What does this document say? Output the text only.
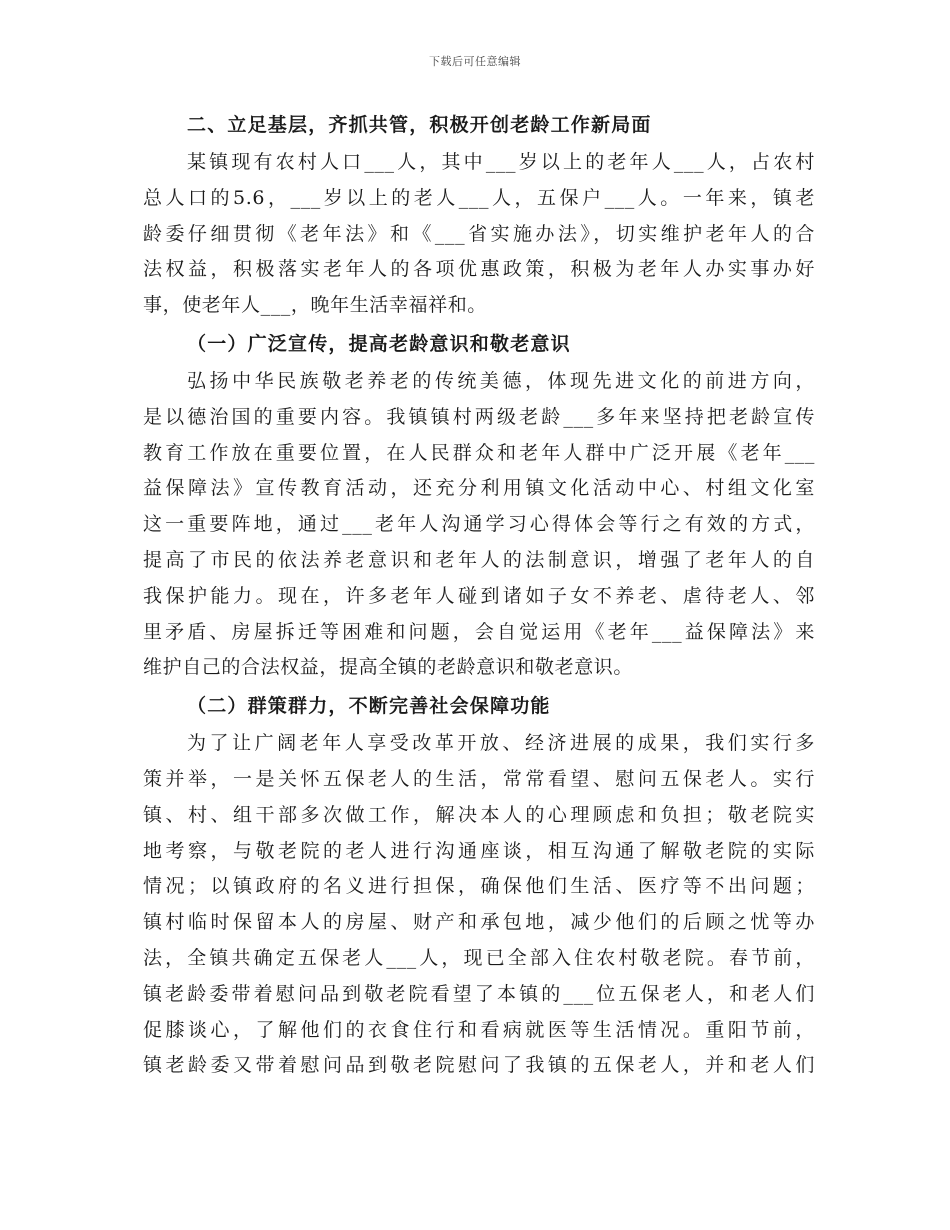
下载后可任意编辑
二、立足基层，齐抓共管，积极开创老龄工作新局面
某镇现有农村人口___人，其中___岁以上的老年人___人，占农村
总人口的5.6，___岁以上的老人___人，五保户___人。一年来，镇老
龄委仔细贯彻《老年法》和《___省实施办法》，切实维护老年人的合
法权益，积极落实老年人的各项优惠政策，积极为老年人办实事办好
事，使老年人___，晚年生活幸福祥和。
（一）广泛宣传，提高老龄意识和敬老意识
弘扬中华民族敬老养老的传统美德，体现先进文化的前进方向，
是以德治国的重要内容。我镇镇村两级老龄___多年来坚持把老龄宣传
教育工作放在重要位置，在人民群众和老年人群中广泛开展《老年___
益保障法》宣传教育活动，还充分利用镇文化活动中心、村组文化室
这一重要阵地，通过___老年人沟通学习心得体会等行之有效的方式，
提高了市民的依法养老意识和老年人的法制意识，增强了老年人的自
我保护能力。现在，许多老年人碰到诸如子女不养老、虐待老人、邻
里矛盾、房屋拆迁等困难和问题，会自觉运用《老年___益保障法》来
维护自己的合法权益，提高全镇的老龄意识和敬老意识。
（二）群策群力，不断完善社会保障功能
为了让广阔老年人享受改革开放、经济进展的成果，我们实行多
策并举，一是关怀五保老人的生活，常常看望、慰问五保老人。实行
镇、村、组干部多次做工作，解决本人的心理顾虑和负担；敬老院实
地考察，与敬老院的老人进行沟通座谈，相互沟通了解敬老院的实际
情况；以镇政府的名义进行担保，确保他们生活、医疗等不出问题；
镇村临时保留本人的房屋、财产和承包地，减少他们的后顾之忧等办
法，全镇共确定五保老人___人，现已全部入住农村敬老院。春节前，
镇老龄委带着慰问品到敬老院看望了本镇的___位五保老人，和老人们
促膝谈心，了解他们的衣食住行和看病就医等生活情况。重阳节前，
镇老龄委又带着慰问品到敬老院慰问了我镇的五保老人，并和老人们
